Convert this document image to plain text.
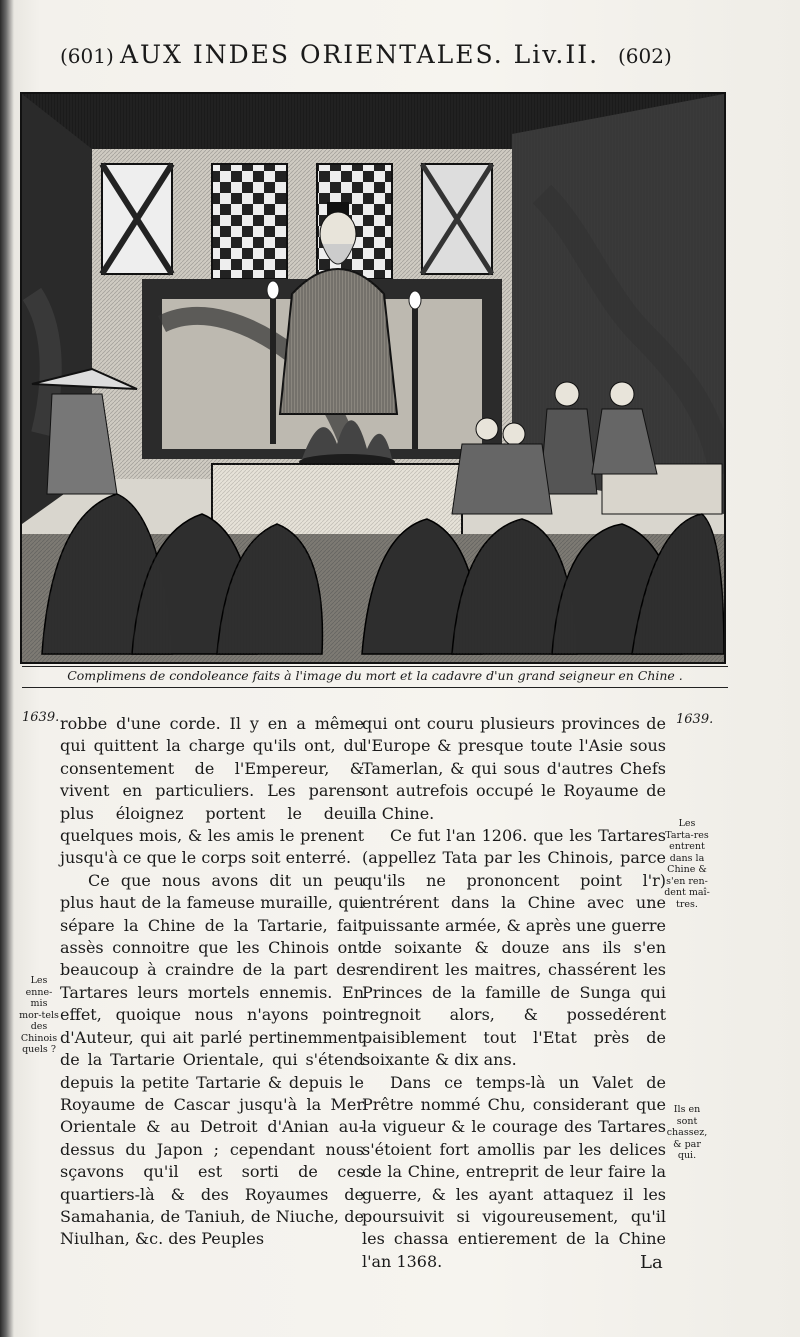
(601) AUX INDES ORIENTALES. Liv.II. (602)
Complimens de condoleance faits à l'image du mort et la cadavre d'un grand seigneur en Chine .
1639.	1639.

robbe d'une corde. Il y en a même qui quittent la charge qu'ils ont, du consentement de l'Empereur, & vivent en particuliers. Les parens plus éloignez portent le deuil quelques mois, & les amis le prenent jusqu'à ce que le corps soit enterré.

Ce que nous avons dit un peu plus haut de la fameuse muraille, qui sépare la Chine de la Tartarie, fait assès connoitre que les Chinois ont beaucoup à craindre de la part des Tartares leurs mortels ennemis. En effet, quoique nous n'ayons point d'Auteur, qui ait parlé pertinemment de la Tartarie Orientale, qui s'étend depuis la petite Tartarie & depuis le Royaume de Cascar jusqu'à la Mer Orientale & au Detroit d'Anian au-dessus du Japon ; cependant nous sçavons qu'il est sorti de ces quartiers-là & des Royaumes de Samahania, de Taniuh, de Niuche, de Niulhan, &c. des Peuples

qui ont couru plusieurs provinces de l'Europe & presque toute l'Asie sous Tamerlan, & qui sous d'autres Chefs ont autrefois occupé le Royaume de la Chine.

Ce fut l'an 1206. que les Tartares (appellez Tata par les Chinois, parce qu'ils ne prononcent point l'r) entrérent dans la Chine avec une puissante armée, & après une guerre de soixante & douze ans ils s'en rendirent les maitres, chassérent les Princes de la famille de Sunga qui regnoit alors, & possedérent paisiblement tout l'Etat près de soixante & dix ans.

Dans ce temps-là un Valet de Prêtre nommé Chu, considerant que la vigueur & le courage des Tartares s'étoient fort amollis par les delices de la Chine, entreprit de leur faire la guerre, & les ayant attaquez il les poursuivit si vigoureusement, qu'il les chassa entierement de la Chine l'an 1368.

Les enne-mis mor-tels des Chinois quels ?
Les Tarta-res entrent dans la Chine & s'en ren-dent maî-tres.
Ils en sont chassez, & par qui.
La
